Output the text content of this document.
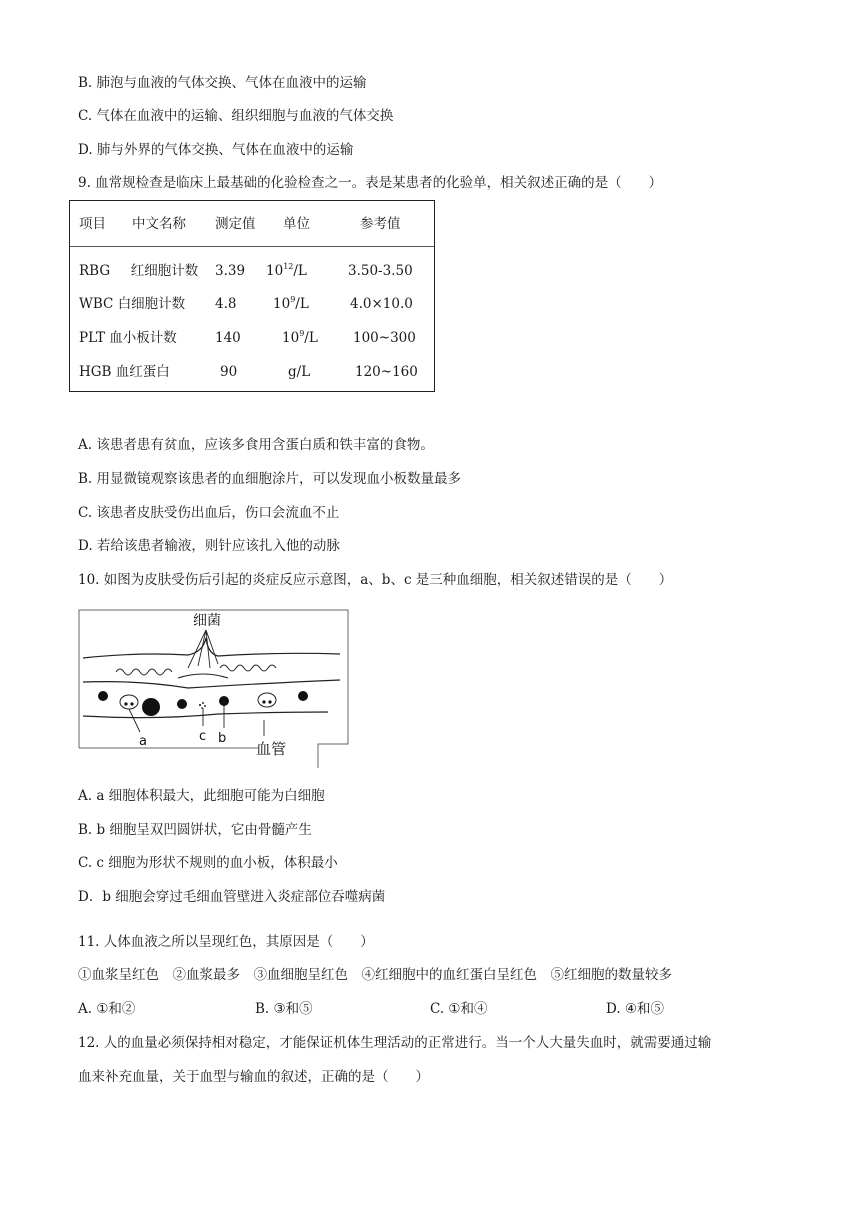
B. 肺泡与血液的气体交换、气体在血液中的运输
C. 气体在血液中的运输、组织细胞与血液的气体交换
D. 肺与外界的气体交换、气体在血液中的运输
9. 血常规检查是临床上最基础的化验检查之一。表是某患者的化验单，相关叙述正确的是（　　）
项目 中文名称 测定值 单位	参考值
RBG 红细胞计数 3.39 $10^{12}/L$	3.50-3.50
WBC 白细胞计数 4.8	$10^9/L$	4.0×10.0
PLT 血小板计数	140	$10^9/L$	100~300
HGB 血红蛋白	90	g/L	120~160
A. 该患者患有贫血，应该多食用含蛋白质和铁丰富的食物。
B. 用显微镜观察该患者的血细胞涂片，可以发现血小板数量最多
C. 该患者皮肤受伤出血后，伤口会流血不止
D. 若给该患者输液，则针应该扎入他的动脉
10. 如图为皮肤受伤后引起的炎症反应示意图，a、b、c 是三种血细胞，相关叙述错误的是（　　）
细菌
a	c b
血管
A. a 细胞体积最大，此细胞可能为白细胞
B. b 细胞呈双凹圆饼状，它由骨髓产生
C. c 细胞为形状不规则的血小板，体积最小
D．b 细胞会穿过毛细血管壁进入炎症部位吞噬病菌
11. 人体血液之所以呈现红色，其原因是（　　）
①血浆呈红色　②血浆最多　③血细胞呈红色　④红细胞中的血红蛋白呈红色　⑤红细胞的数量较多
A. ①和②	B. ③和⑤	C. ①和④	D. ④和⑤
12. 人的血量必须保持相对稳定，才能保证机体生理活动的正常进行。当一个人大量失血时，就需要通过输
血来补充血量，关于血型与输血的叙述，正确的是（　　）
